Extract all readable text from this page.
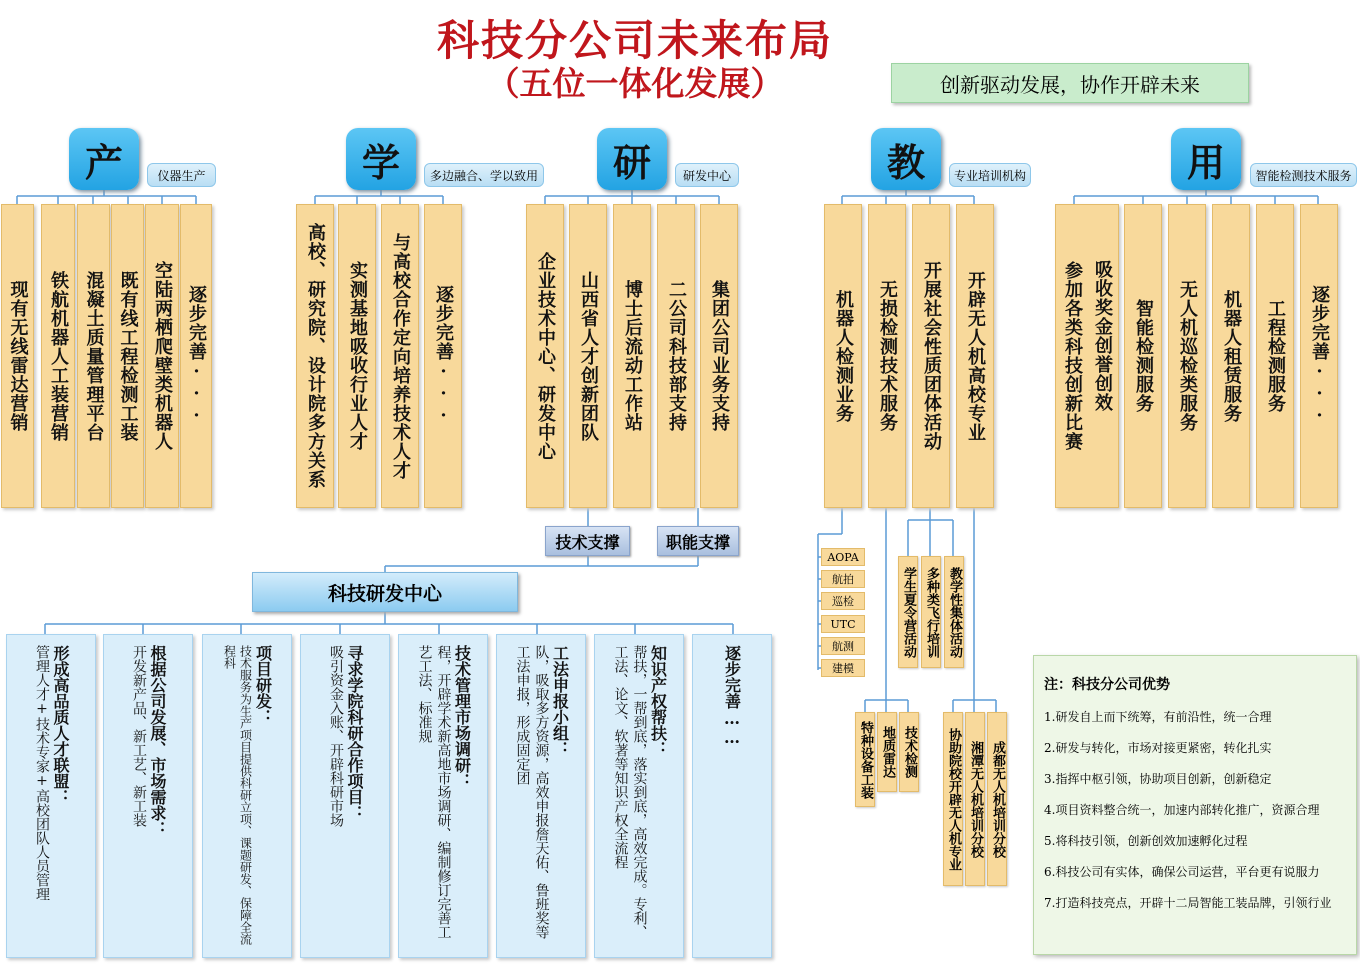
科技分公司未来布局
（五位一体化发展）	创新驱动发展，协作开辟未来
产	仪器生产
现有无线雷达营销	铁航机器人工装营销 混凝土质量管理平台 既有线工程检测工装 空陆两栖爬壁类机器人 逐步完善···
学	多边融合、学以致用
高校、研究院、设计院多方关系	实测基地吸收行业人才	与高校合作定向培养技术人才	逐步完善···
研	研发中心
企业技术中心、研发中心	山西省人才创新团队	博士后流动工作站	二公司科技部支持	集团公司业务支持
技术支撑	职能支撑
科技研发中心
管理人才+技术专家+高校团队人员管理 形成高品质人才联盟：	开发新产品、新工艺、新工装 根据公司发展、市场需求：	技术服务为生产项目提供科研立项、课题研发、保障全流程科	项目研发：	吸引资金入账、开辟科研市场 寻求学院科研合作项目：	程，开辟学术新高地市场调研、编制修订完善工艺工法、标准规	技术管理市场调研：	队，吸取多方资源，高效申报詹天佑、鲁班奖等工法申报，形成固定团	工法申报小组：	帮扶，一帮到底，落实到底，高效完成。专利、工法、论文、软著等知识产权全流程	知识产权帮扶：	逐步完善……
教	专业培训机构
机器人检测业务	无损检测技术服务	开展社会性质团体活动	开辟无人机高校专业
AOPA
航拍
巡检
UTC
航测
建模
学生夏令营活动 多种类飞行培训 教学性集体活动
特种设备工装 地质雷达 技术检测 协助院校开辟无人机专业 湘潭无人机培训分校 成都无人机培训分校
用	智能检测技术服务
参加各类科技创新比赛 吸收奖金创誉创效	智能检测服务	无人机巡检类服务	机器人租赁服务	工程检测服务	逐步完善···
注：科技分公司优势
1.研发自上而下统筹，有前沿性，统一合理
2.研发与转化，市场对接更紧密，转化扎实
3.指挥中枢引领，协助项目创新，创新稳定
4.项目资料整合统一，加速内部转化推广，资源合理
5.将科技引领，创新创效加速孵化过程
6.科技公司有实体，确保公司运营，平台更有说服力
7.打造科技亮点，开辟十二局智能工装品牌，引领行业
